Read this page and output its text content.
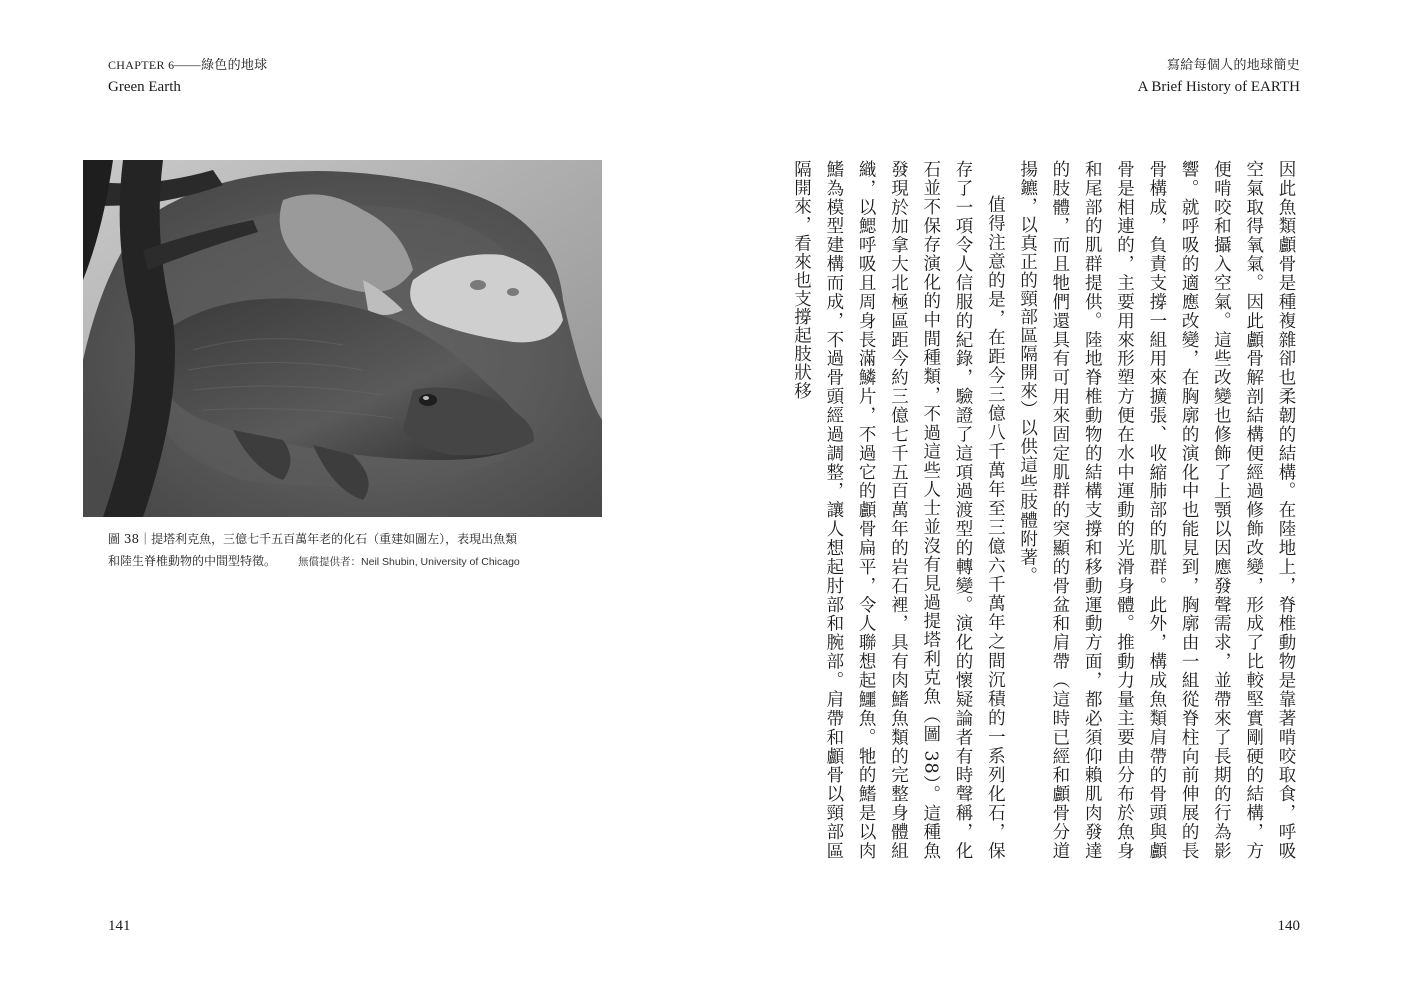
CHAPTER 6——綠色的地球
Green Earth
寫給每個人的地球簡史
A Brief History of EARTH
圖 38｜提塔利克魚，三億七千五百萬年老的化石（重建如圖左），表現出魚類
和陸生脊椎動物的中間型特徵。 無償提供者：Neil Shubin, University of Chicago	因此魚類顱骨是種複雜卻也柔韌的結構。在陸地上，脊椎動物是靠著啃咬取食，呼吸空氣取得氧氣。因此顱骨解剖結構便經過修飾改變，形成了比較堅實剛硬的結構，方便啃咬和攝入空氣。這些改變也修飾了上顎以因應發聲需求，並帶來了長期的行為影響。就呼吸的適應改變，在胸廓的演化中也能見到，胸廓由一組從脊柱向前伸展的長骨構成，負責支撐一組用來擴張、收縮肺部的肌群。此外，構成魚類肩帶的骨頭與顱骨是相連的，主要用來形塑方便在水中運動的光滑身體。推動力量主要由分布於魚身和尾部的肌群提供。陸地脊椎動物的結構支撐和移動運動方面，都必須仰賴肌肉發達的肢體，而且牠們還具有可用來固定肌群的突顯的骨盆和肩帶（這時已經和顱骨分道揚鑣，以真正的頸部區隔開來）以供這些肢體附著。

值得注意的是，在距今三億八千萬年至三億六千萬年之間沉積的一系列化石，保存了一項令人信服的紀錄，驗證了這項過渡型的轉變。演化的懷疑論者有時聲稱，化石並不保存演化的中間種類，不過這些人士並沒有見過提塔利克魚（圖 38）。這種魚發現於加拿大北極區距今約三億七千五百萬年的岩石裡，具有肉鰭魚類的完整身體組織，以鰓呼吸且周身長滿鱗片，不過它的顱骨扁平，令人聯想起鱷魚。牠的鰭是以肉鰭為模型建構而成，不過骨頭經過調整，讓人想起肘部和腕部。肩帶和顱骨以頸部區隔開來，看來也支撐起肢狀移

141	140
